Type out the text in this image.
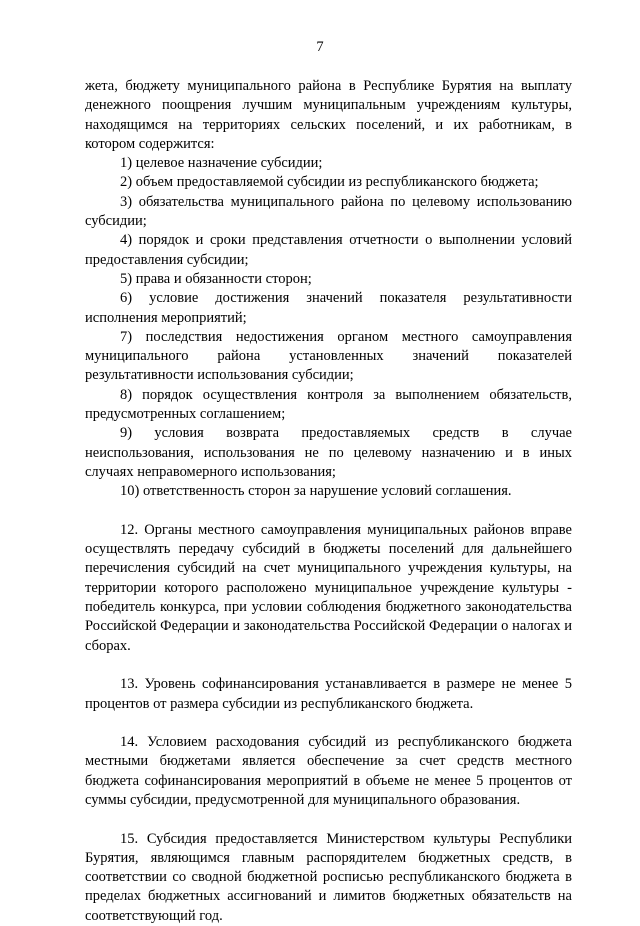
7

жета, бюджету муниципального района в Республике Бурятия на выплату денежного поощрения лучшим муниципальным учреждениям культуры, находящимся на территориях сельских поселений, и их работникам, в котором содержится:

1) целевое назначение субсидии;

2) объем предоставляемой субсидии из республиканского бюджета;

3) обязательства муниципального района по целевому использованию субсидии;

4) порядок и сроки представления отчетности о выполнении условий предоставления субсидии;

5) права и обязанности сторон;

6) условие достижения значений показателя результативности исполнения мероприятий;

7) последствия недостижения органом местного самоуправления муниципального района установленных значений показателей результативности использования субсидии;

8) порядок осуществления контроля за выполнением обязательств, предусмотренных соглашением;

9) условия возврата предоставляемых средств в случае неиспользования, использования не по целевому назначению и в иных случаях неправомерного использования;

10) ответственность сторон за нарушение условий соглашения.

12. Органы местного самоуправления муниципальных районов вправе осуществлять передачу субсидий в бюджеты поселений для дальнейшего перечисления субсидий на счет муниципального учреждения культуры, на территории которого расположено муниципальное учреждение культуры - победитель конкурса, при условии соблюдения бюджетного законодательства Российской Федерации и законодательства Российской Федерации о налогах и сборах.

13. Уровень софинансирования устанавливается в размере не менее 5 процентов от размера субсидии из республиканского бюджета.

14. Условием расходования субсидий из республиканского бюджета местными бюджетами является обеспечение за счет средств местного бюджета софинансирования мероприятий в объеме не менее 5 процентов от суммы субсидии, предусмотренной для муниципального образования.

15. Субсидия предоставляется Министерством культуры Республики Бурятия, являющимся главным распорядителем бюджетных средств, в соответствии со сводной бюджетной росписью республиканского бюджета в пределах бюджетных ассигнований и лимитов бюджетных обязательств на соответствующий год.
